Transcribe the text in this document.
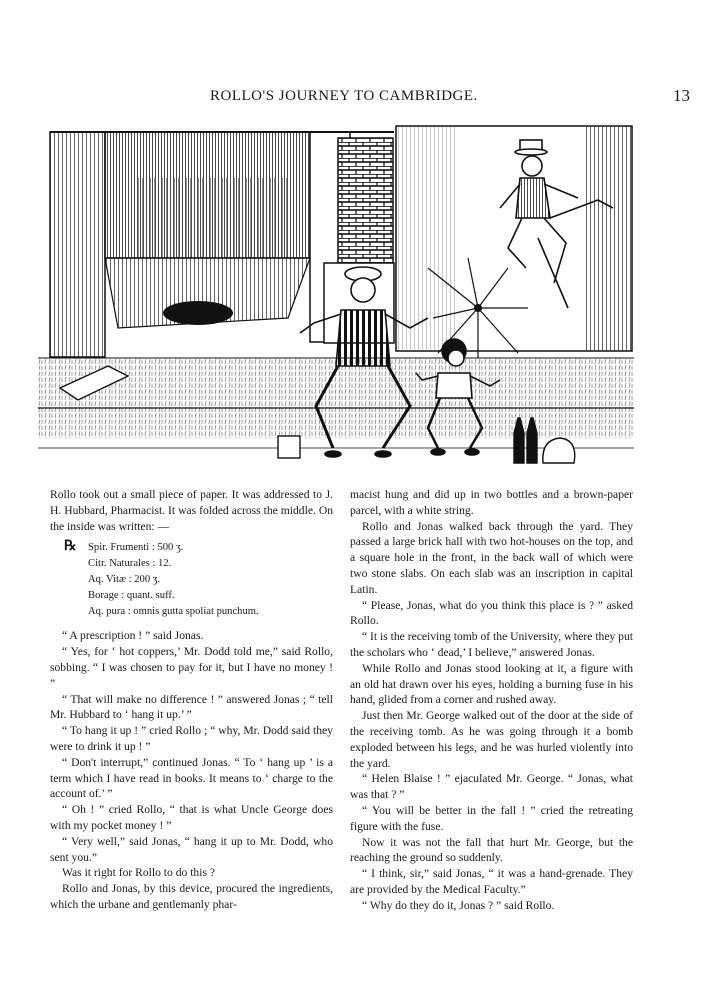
ROLLO'S JOURNEY TO CAMBRIDGE.	13

Rollo took out a small piece of paper. It was addressed to J. H. Hubbard, Pharmacist. It was folded across the middle. On the inside was written: —

℞ Spir. Frumenti : 500 ʒ.
Citr. Naturales : 12.
Aq. Vitæ : 200 ʒ.
Borage : quant. suff.
Aq. pura : omnis gutta spoliat punchum.

“ A prescription ! ” said Jonas.

“ Yes, for ‘ hot coppers,’ Mr. Dodd told me,” said Rollo, sobbing. “ I was chosen to pay for it, but I have no money ! ”

“ That will make no difference ! ” answered Jonas ; “ tell Mr. Hubbard to ‘ hang it up.’ ”

“ To hang it up ! ” cried Rollo ; “ why, Mr. Dodd said they were to drink it up ! ”

“ Don't interrupt,” continued Jonas. “ To ‘ hang up ’ is a term which I have read in books. It means to ‘ charge to the account of.’ ”

“ Oh ! ” cried Rollo, “ that is what Uncle George does with my pocket money ! ”

“ Very well,” said Jonas, “ hang it up to Mr. Dodd, who sent you.”

Was it right for Rollo to do this ?

Rollo and Jonas, by this device, procured the ingredients, which the urbane and gentlemanly phar-

macist hung and did up in two bottles and a brown-paper parcel, with a white string.

Rollo and Jonas walked back through the yard. They passed a large brick hall with two hot-houses on the top, and a square hole in the front, in the back wall of which were two stone slabs. On each slab was an inscription in capital Latin.

“ Please, Jonas, what do you think this place is ? ” asked Rollo.

“ It is the receiving tomb of the University, where they put the scholars who ‘ dead,’ I believe,” answered Jonas.

While Rollo and Jonas stood looking at it, a figure with an old hat drawn over his eyes, holding a burning fuse in his hand, glided from a corner and rushed away.

Just then Mr. George walked out of the door at the side of the receiving tomb. As he was going through it a bomb exploded between his legs, and he was hurled violently into the yard.

“ Helen Blaise ! ” ejaculated Mr. George. “ Jonas, what was that ? ”

“ You will be better in the fall ! ” cried the retreating figure with the fuse.

Now it was not the fall that hurt Mr. George, but the reaching the ground so suddenly.

“ I think, sir,” said Jonas, “ it was a hand-grenade. They are provided by the Medical Faculty.”

“ Why do they do it, Jonas ? ” said Rollo.
